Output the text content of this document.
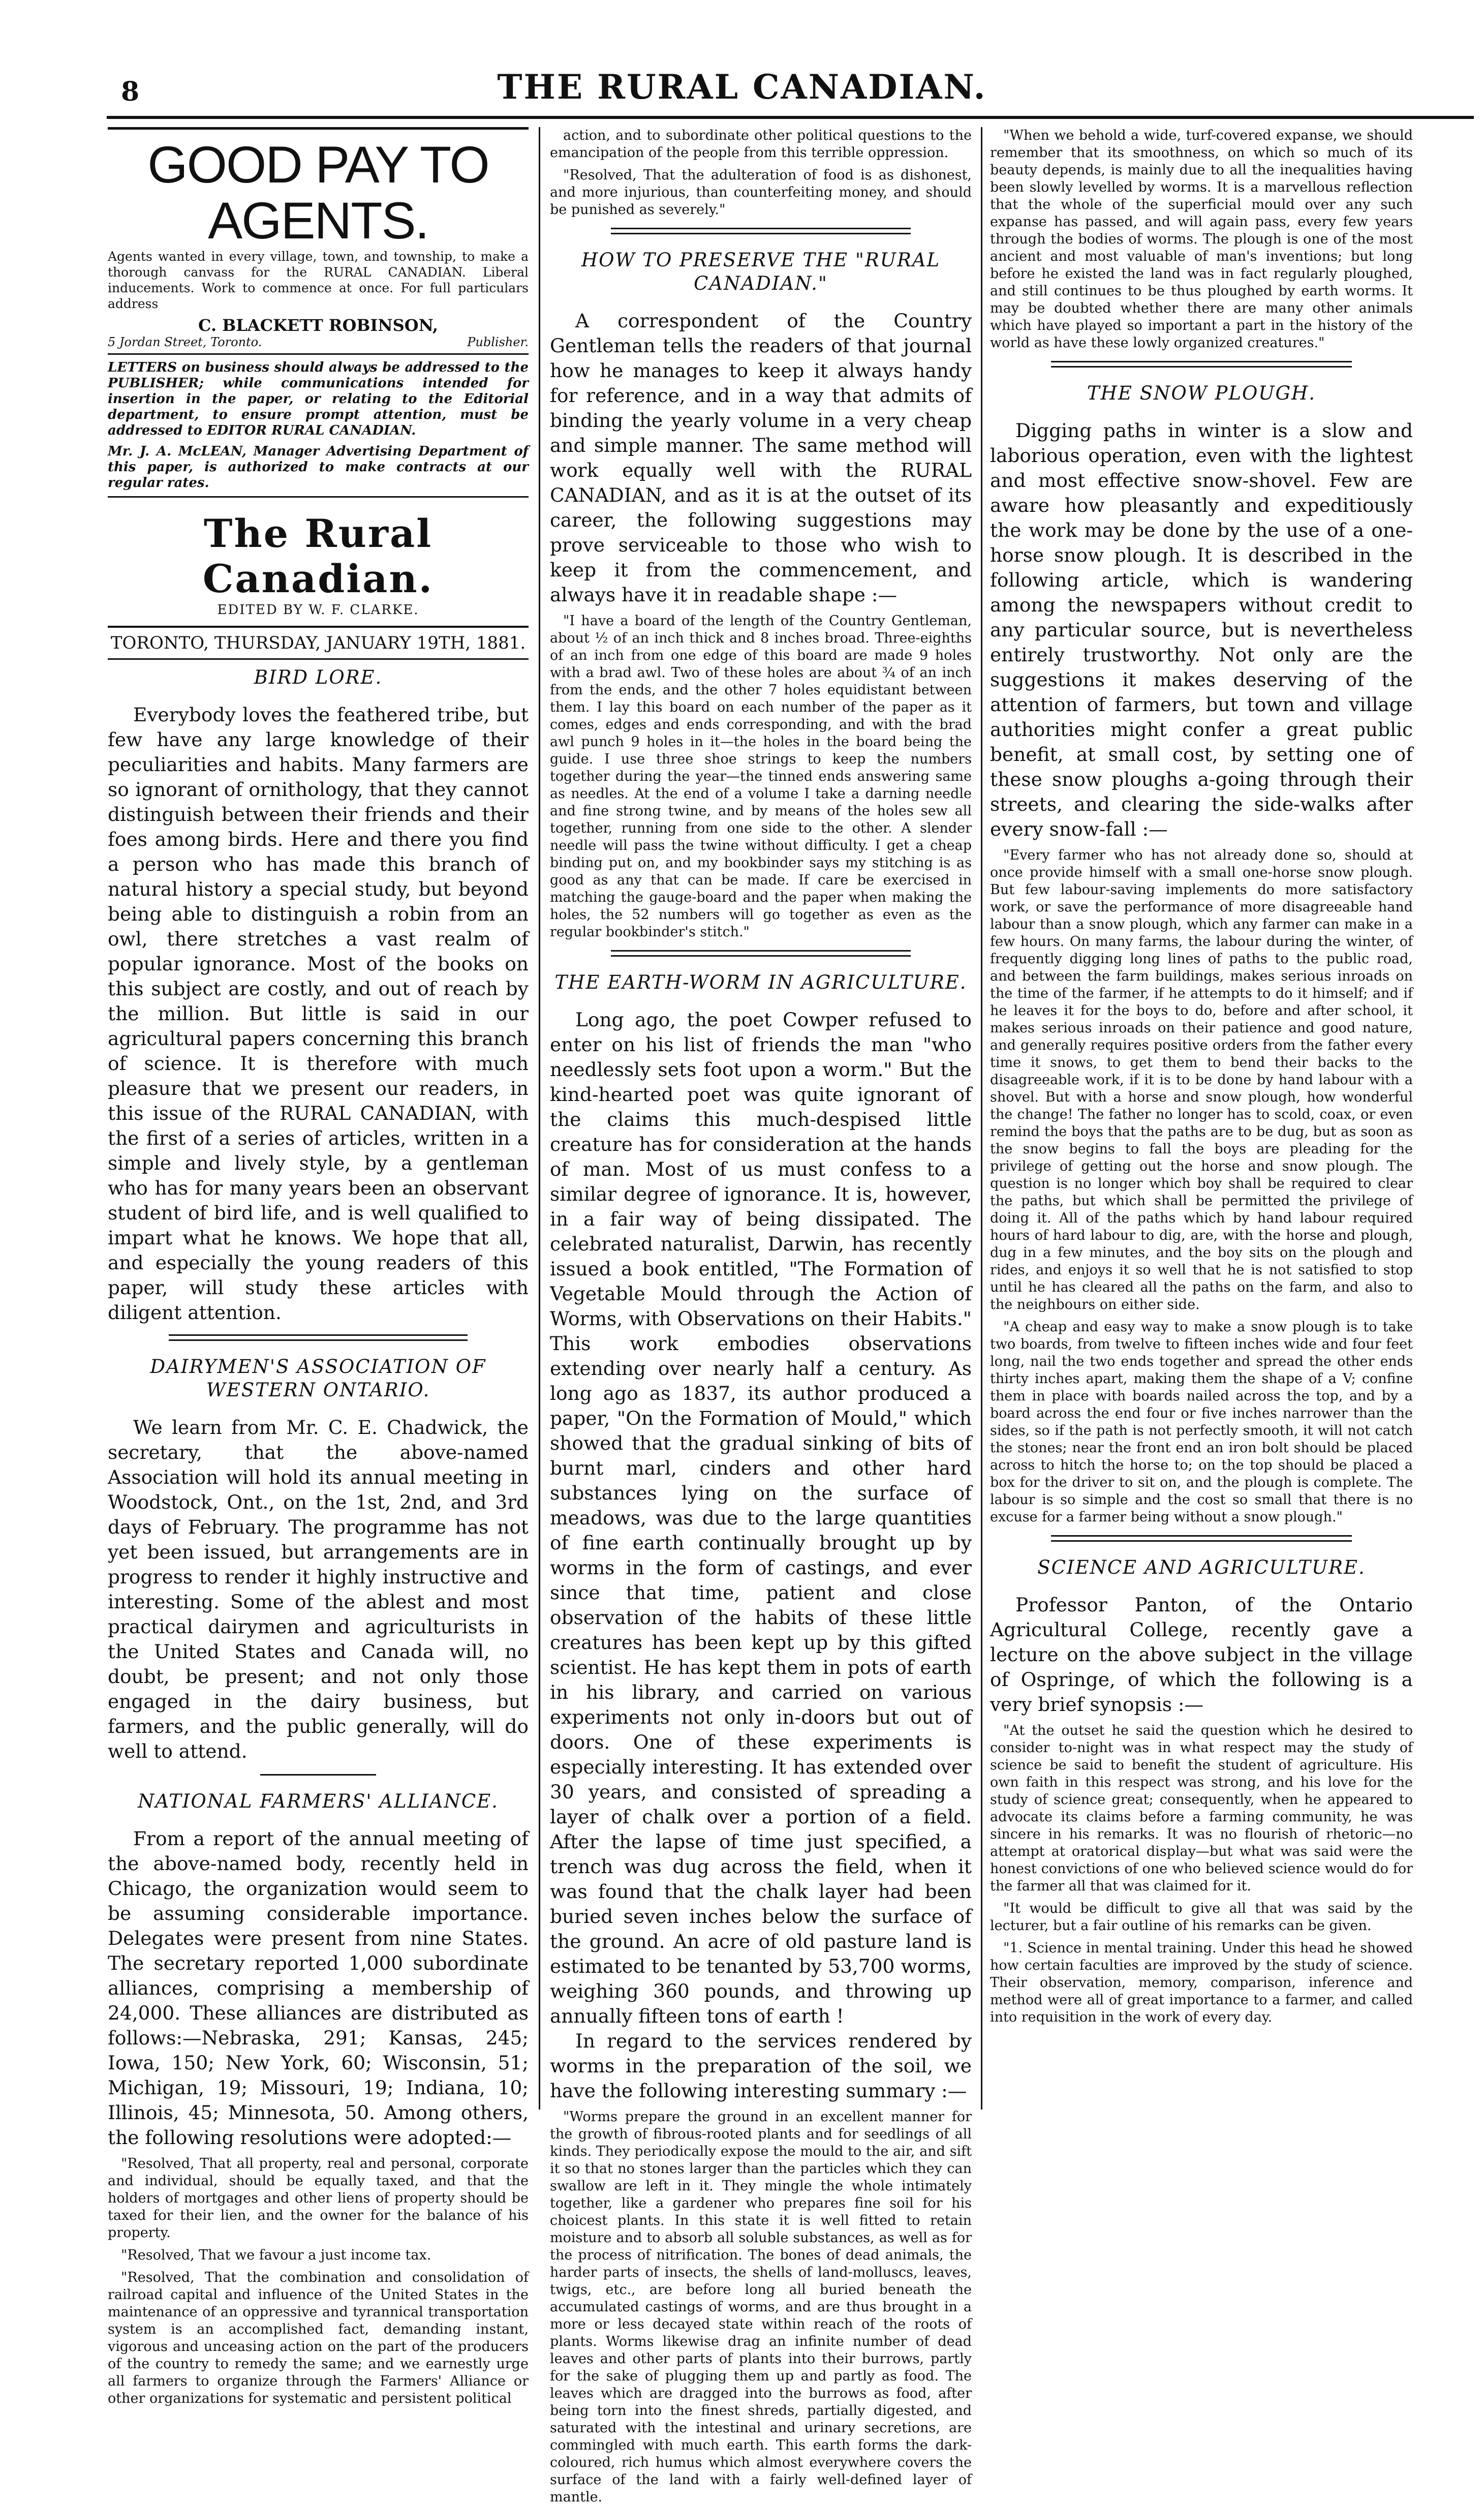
8	THE RURAL CANADIAN.
GOOD PAY TO AGENTS.
Agents wanted in every village, town, and township, to make a thorough canvass for the RURAL CANADIAN. Liberal inducements. Work to commence at once. For full particulars address
C. BLACKETT ROBINSON,
5 Jordan Street, Toronto.	Publisher.
LETTERS on business should always be addressed to the PUBLISHER; while communications intended for insertion in the paper, or relating to the Editorial department, to ensure prompt attention, must be addressed to EDITOR RURAL CANADIAN.
Mr. J. A. McLEAN, Manager Advertising Department of this paper, is authorized to make contracts at our regular rates.
The Rural Canadian.
EDITED BY W. F. CLARKE.
TORONTO, THURSDAY, JANUARY 19TH, 1881.
BIRD LORE.

Everybody loves the feathered tribe, but few have any large knowledge of their peculiarities and habits. Many farmers are so ignorant of ornithology, that they cannot distinguish between their friends and their foes among birds. Here and there you find a person who has made this branch of natural history a special study, but beyond being able to distinguish a robin from an owl, there stretches a vast realm of popular ignorance. Most of the books on this subject are costly, and out of reach by the million. But little is said in our agricultural papers concerning this branch of science. It is therefore with much pleasure that we present our readers, in this issue of the RURAL CANADIAN, with the first of a series of articles, written in a simple and lively style, by a gentleman who has for many years been an observant student of bird life, and is well qualified to impart what he knows. We hope that all, and especially the young readers of this paper, will study these articles with diligent attention.

DAIRYMEN'S ASSOCIATION OF WESTERN ONTARIO.

We learn from Mr. C. E. Chadwick, the secretary, that the above-named Association will hold its annual meeting in Woodstock, Ont., on the 1st, 2nd, and 3rd days of February. The programme has not yet been issued, but arrangements are in progress to render it highly instructive and interesting. Some of the ablest and most practical dairymen and agriculturists in the United States and Canada will, no doubt, be present; and not only those engaged in the dairy business, but farmers, and the public generally, will do well to attend.

NATIONAL FARMERS' ALLIANCE.

From a report of the annual meeting of the above-named body, recently held in Chicago, the organization would seem to be assuming considerable importance. Delegates were present from nine States. The secretary reported 1,000 subordinate alliances, comprising a membership of 24,000. These alliances are distributed as follows:—Nebraska, 291; Kansas, 245; Iowa, 150; New York, 60; Wisconsin, 51; Michigan, 19; Missouri, 19; Indiana, 10; Illinois, 45; Minnesota, 50. Among others, the following resolutions were adopted:—

"Resolved, That all property, real and personal, corporate and individual, should be equally taxed, and that the holders of mortgages and other liens of property should be taxed for their lien, and the owner for the balance of his property.

"Resolved, That we favour a just income tax.

"Resolved, That the combination and consolidation of railroad capital and influence of the United States in the maintenance of an oppressive and tyrannical transportation system is an accomplished fact, demanding instant, vigorous and unceasing action on the part of the producers of the country to remedy the same; and we earnestly urge all farmers to organize through the Farmers' Alliance or other organizations for systematic and persistent political

action, and to subordinate other political questions to the emancipation of the people from this terrible oppression.

"Resolved, That the adulteration of food is as dishonest, and more injurious, than counterfeiting money, and should be punished as severely."

HOW TO PRESERVE THE "RURAL CANADIAN."

A correspondent of the Country Gentleman tells the readers of that journal how he manages to keep it always handy for reference, and in a way that admits of binding the yearly volume in a very cheap and simple manner. The same method will work equally well with the RURAL CANADIAN, and as it is at the outset of its career, the following suggestions may prove serviceable to those who wish to keep it from the commencement, and always have it in readable shape :—

"I have a board of the length of the Country Gentleman, about ½ of an inch thick and 8 inches broad. Three-eighths of an inch from one edge of this board are made 9 holes with a brad awl. Two of these holes are about ¾ of an inch from the ends, and the other 7 holes equidistant between them. I lay this board on each number of the paper as it comes, edges and ends corresponding, and with the brad awl punch 9 holes in it—the holes in the board being the guide. I use three shoe strings to keep the numbers together during the year—the tinned ends answering same as needles. At the end of a volume I take a darning needle and fine strong twine, and by means of the holes sew all together, running from one side to the other. A slender needle will pass the twine without difficulty. I get a cheap binding put on, and my bookbinder says my stitching is as good as any that can be made. If care be exercised in matching the gauge-board and the paper when making the holes, the 52 numbers will go together as even as the regular bookbinder's stitch."

THE EARTH-WORM IN AGRICULTURE.

Long ago, the poet Cowper refused to enter on his list of friends the man "who needlessly sets foot upon a worm." But the kind-hearted poet was quite ignorant of the claims this much-despised little creature has for consideration at the hands of man. Most of us must confess to a similar degree of ignorance. It is, however, in a fair way of being dissipated. The celebrated naturalist, Darwin, has recently issued a book entitled, "The Formation of Vegetable Mould through the Action of Worms, with Observations on their Habits." This work embodies observations extending over nearly half a century. As long ago as 1837, its author produced a paper, "On the Formation of Mould," which showed that the gradual sinking of bits of burnt marl, cinders and other hard substances lying on the surface of meadows, was due to the large quantities of fine earth continually brought up by worms in the form of castings, and ever since that time, patient and close observation of the habits of these little creatures has been kept up by this gifted scientist. He has kept them in pots of earth in his library, and carried on various experiments not only in-doors but out of doors. One of these experiments is especially interesting. It has extended over 30 years, and consisted of spreading a layer of chalk over a portion of a field. After the lapse of time just specified, a trench was dug across the field, when it was found that the chalk layer had been buried seven inches below the surface of the ground. An acre of old pasture land is estimated to be tenanted by 53,700 worms, weighing 360 pounds, and throwing up annually fifteen tons of earth !

In regard to the services rendered by worms in the preparation of the soil, we have the following interesting summary :—

"Worms prepare the ground in an excellent manner for the growth of fibrous-rooted plants and for seedlings of all kinds. They periodically expose the mould to the air, and sift it so that no stones larger than the particles which they can swallow are left in it. They mingle the whole intimately together, like a gardener who prepares fine soil for his choicest plants. In this state it is well fitted to retain moisture and to absorb all soluble substances, as well as for the process of nitrification. The bones of dead animals, the harder parts of insects, the shells of land-molluscs, leaves, twigs, etc., are before long all buried beneath the accumulated castings of worms, and are thus brought in a more or less decayed state within reach of the roots of plants. Worms likewise drag an infinite number of dead leaves and other parts of plants into their burrows, partly for the sake of plugging them up and partly as food. The leaves which are dragged into the burrows as food, after being torn into the finest shreds, partially digested, and saturated with the intestinal and urinary secretions, are commingled with much earth. This earth forms the dark-coloured, rich humus which almost everywhere covers the surface of the land with a fairly well-defined layer of mantle.

"When we behold a wide, turf-covered expanse, we should remember that its smoothness, on which so much of its beauty depends, is mainly due to all the inequalities having been slowly levelled by worms. It is a marvellous reflection that the whole of the superficial mould over any such expanse has passed, and will again pass, every few years through the bodies of worms. The plough is one of the most ancient and most valuable of man's inventions; but long before he existed the land was in fact regularly ploughed, and still continues to be thus ploughed by earth worms. It may be doubted whether there are many other animals which have played so important a part in the history of the world as have these lowly organized creatures."

THE SNOW PLOUGH.

Digging paths in winter is a slow and laborious operation, even with the lightest and most effective snow-shovel. Few are aware how pleasantly and expeditiously the work may be done by the use of a one-horse snow plough. It is described in the following article, which is wandering among the newspapers without credit to any particular source, but is nevertheless entirely trustworthy. Not only are the suggestions it makes deserving of the attention of farmers, but town and village authorities might confer a great public benefit, at small cost, by setting one of these snow ploughs a-going through their streets, and clearing the side-walks after every snow-fall :—

"Every farmer who has not already done so, should at once provide himself with a small one-horse snow plough. But few labour-saving implements do more satisfactory work, or save the performance of more disagreeable hand labour than a snow plough, which any farmer can make in a few hours. On many farms, the labour during the winter, of frequently digging long lines of paths to the public road, and between the farm buildings, makes serious inroads on the time of the farmer, if he attempts to do it himself; and if he leaves it for the boys to do, before and after school, it makes serious inroads on their patience and good nature, and generally requires positive orders from the father every time it snows, to get them to bend their backs to the disagreeable work, if it is to be done by hand labour with a shovel. But with a horse and snow plough, how wonderful the change! The father no longer has to scold, coax, or even remind the boys that the paths are to be dug, but as soon as the snow begins to fall the boys are pleading for the privilege of getting out the horse and snow plough. The question is no longer which boy shall be required to clear the paths, but which shall be permitted the privilege of doing it. All of the paths which by hand labour required hours of hard labour to dig, are, with the horse and plough, dug in a few minutes, and the boy sits on the plough and rides, and enjoys it so well that he is not satisfied to stop until he has cleared all the paths on the farm, and also to the neighbours on either side.

"A cheap and easy way to make a snow plough is to take two boards, from twelve to fifteen inches wide and four feet long, nail the two ends together and spread the other ends thirty inches apart, making them the shape of a V; confine them in place with boards nailed across the top, and by a board across the end four or five inches narrower than the sides, so if the path is not perfectly smooth, it will not catch the stones; near the front end an iron bolt should be placed across to hitch the horse to; on the top should be placed a box for the driver to sit on, and the plough is complete. The labour is so simple and the cost so small that there is no excuse for a farmer being without a snow plough."

SCIENCE AND AGRICULTURE.

Professor Panton, of the Ontario Agricultural College, recently gave a lecture on the above subject in the village of Ospringe, of which the following is a very brief synopsis :—

"At the outset he said the question which he desired to consider to-night was in what respect may the study of science be said to benefit the student of agriculture. His own faith in this respect was strong, and his love for the study of science great; consequently, when he appeared to advocate its claims before a farming community, he was sincere in his remarks. It was no flourish of rhetoric—no attempt at oratorical display—but what was said were the honest convictions of one who believed science would do for the farmer all that was claimed for it.

"It would be difficult to give all that was said by the lecturer, but a fair outline of his remarks can be given.

"1. Science in mental training. Under this head he showed how certain faculties are improved by the study of science. Their observation, memory, comparison, inference and method were all of great importance to a farmer, and called into requisition in the work of every day.
